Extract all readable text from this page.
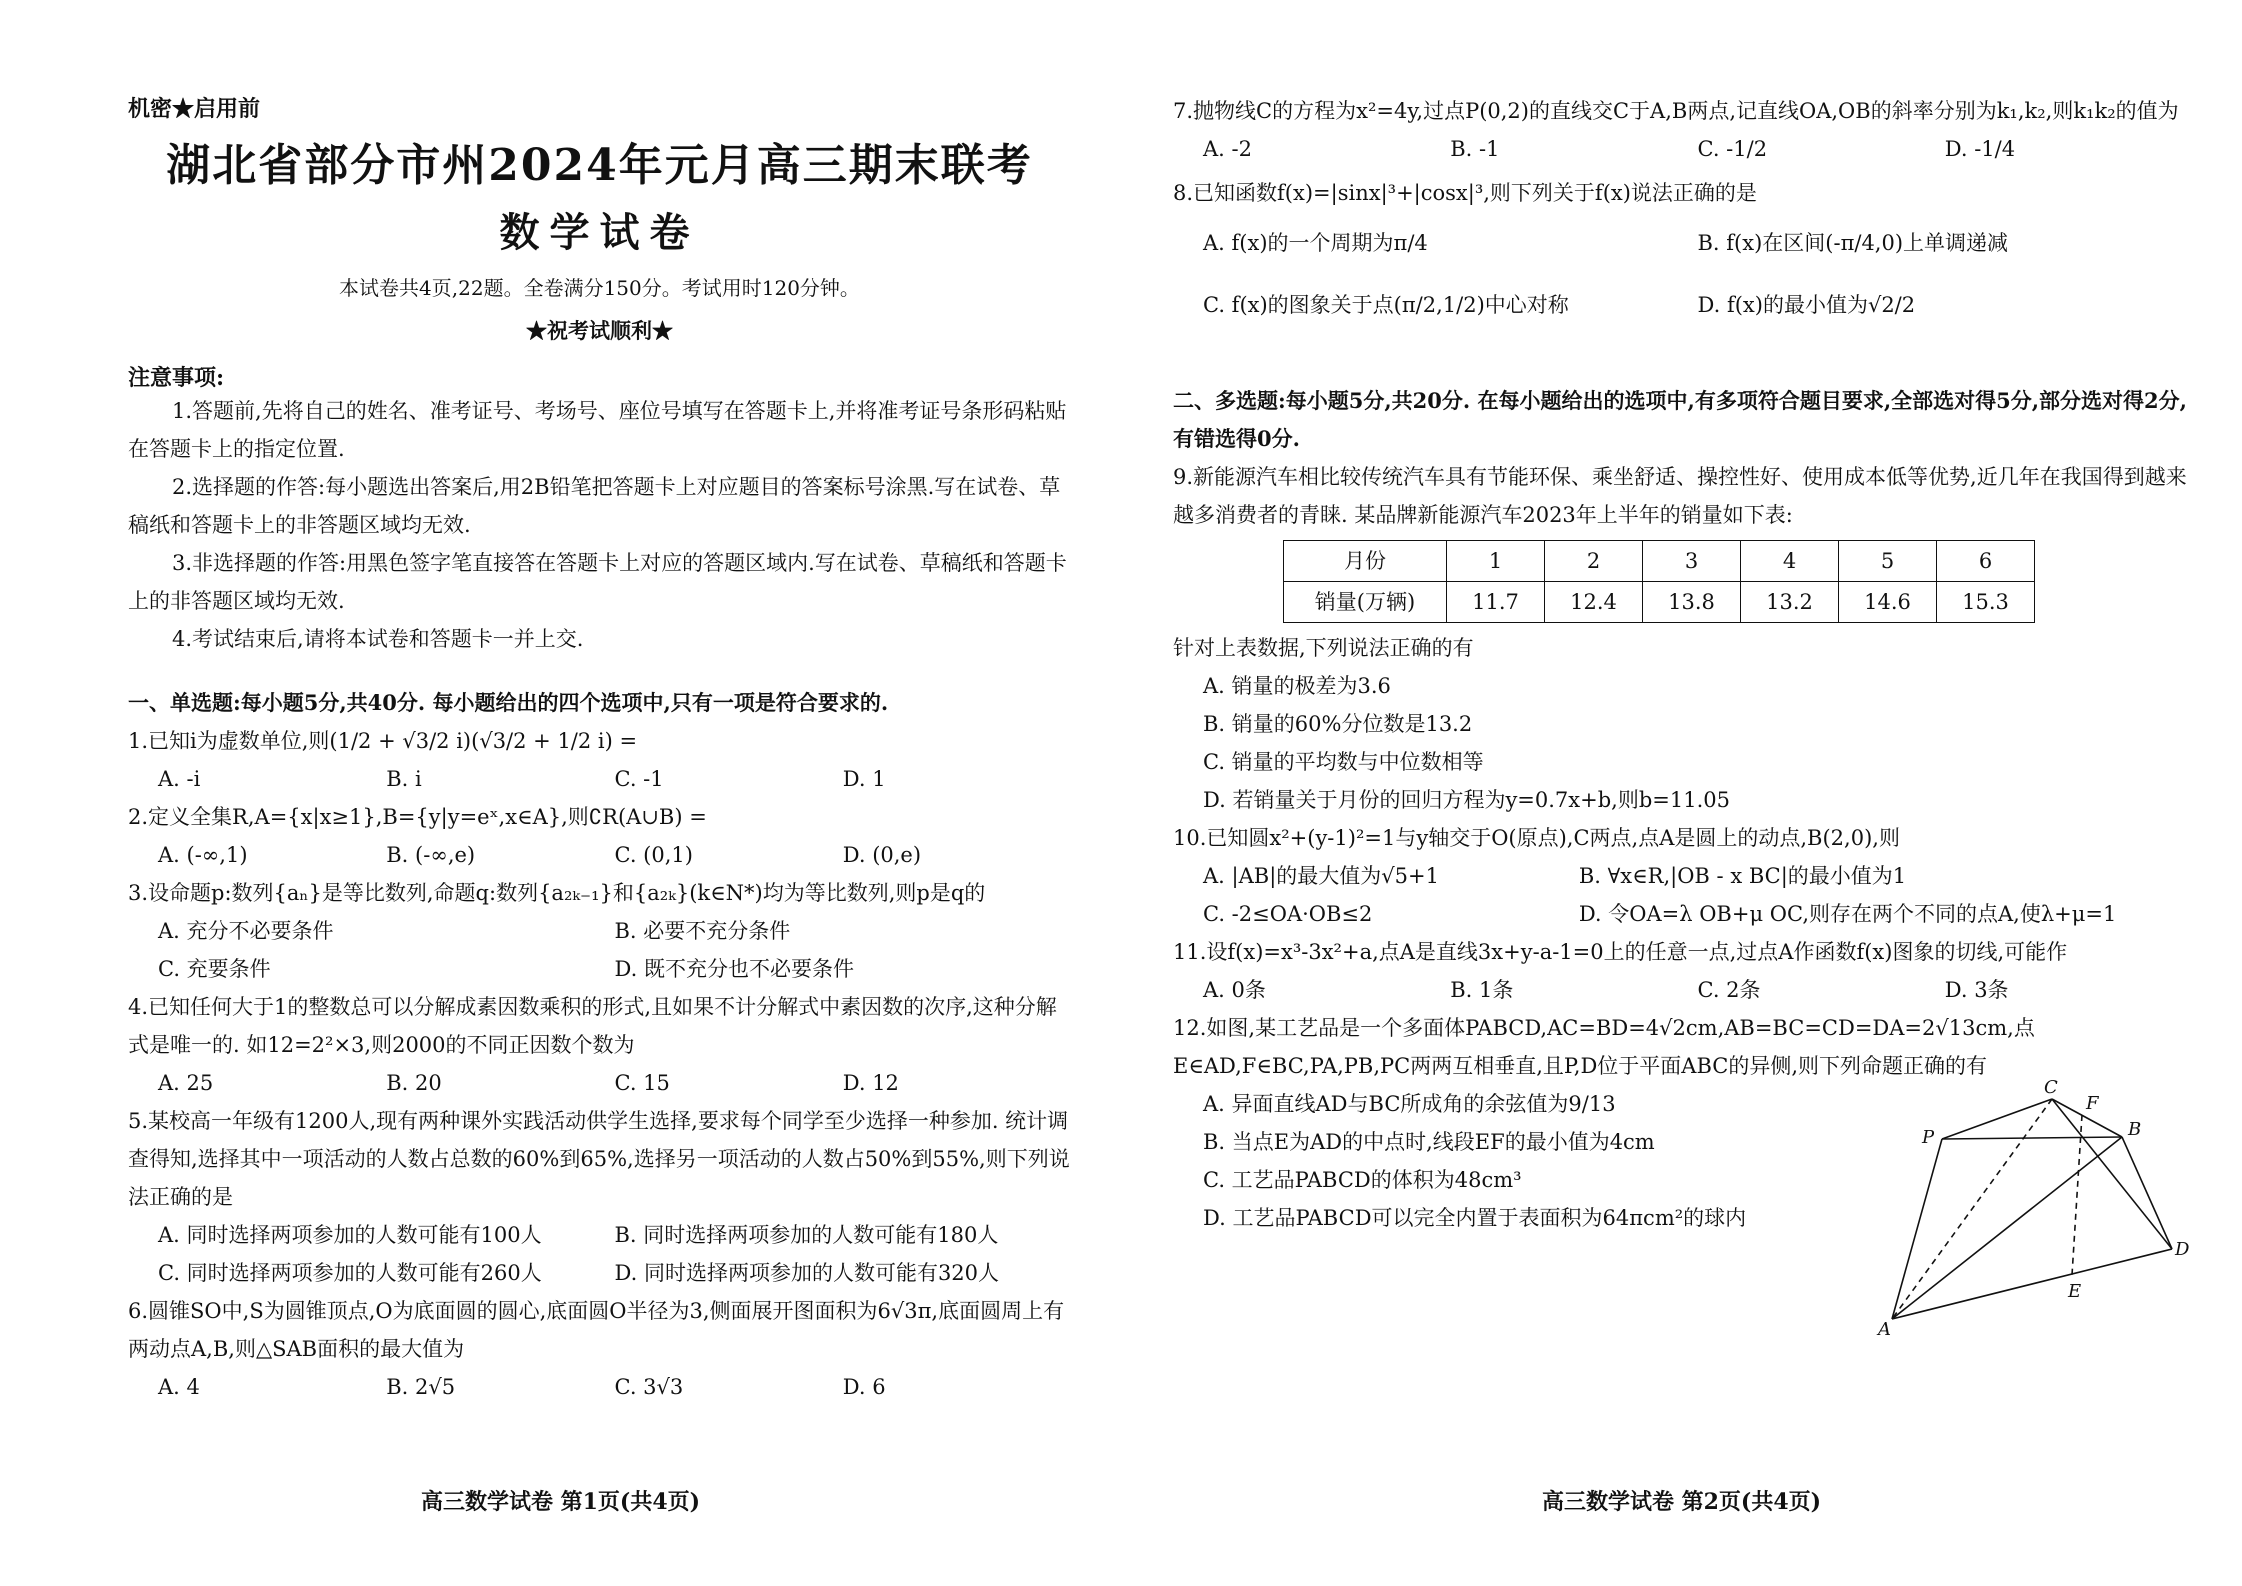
机密★启用前
湖北省部分市州2024年元月高三期末联考
数学试卷
本试卷共4页,22题。全卷满分150分。考试用时120分钟。
★祝考试顺利★
注意事项:
1.答题前,先将自己的姓名、准考证号、考场号、座位号填写在答题卡上,并将准考证号条形码粘贴在答题卡上的指定位置.
2.选择题的作答:每小题选出答案后,用2B铅笔把答题卡上对应题目的答案标号涂黑.写在试卷、草稿纸和答题卡上的非答题区域均无效.
3.非选择题的作答:用黑色签字笔直接答在答题卡上对应的答题区域内.写在试卷、草稿纸和答题卡上的非答题区域均无效.
4.考试结束后,请将本试卷和答题卡一并上交.
一、单选题:每小题5分,共40分. 每小题给出的四个选项中,只有一项是符合要求的.
1.已知i为虚数单位,则(1/2 + √3/2 i)(√3/2 + 1/2 i) =
A. -i	B. i	C. -1	D. 1
2.定义全集R,A={x|x≥1},B={y|y=eˣ,x∈A},则∁R(A∪B) =
A. (-∞,1)	B. (-∞,e)	C. (0,1)	D. (0,e)
3.设命题p:数列{aₙ}是等比数列,命题q:数列{a₂ₖ₋₁}和{a₂ₖ}(k∈N*)均为等比数列,则p是q的
A. 充分不必要条件	B. 必要不充分条件
C. 充要条件	D. 既不充分也不必要条件
4.已知任何大于1的整数总可以分解成素因数乘积的形式,且如果不计分解式中素因数的次序,这种分解式是唯一的. 如12=2²×3,则2000的不同正因数个数为
A. 25	B. 20	C. 15	D. 12
5.某校高一年级有1200人,现有两种课外实践活动供学生选择,要求每个同学至少选择一种参加. 统计调查得知,选择其中一项活动的人数占总数的60%到65%,选择另一项活动的人数占50%到55%,则下列说法正确的是
A. 同时选择两项参加的人数可能有100人	B. 同时选择两项参加的人数可能有180人
C. 同时选择两项参加的人数可能有260人	D. 同时选择两项参加的人数可能有320人
6.圆锥SO中,S为圆锥顶点,O为底面圆的圆心,底面圆O半径为3,侧面展开图面积为6√3π,底面圆周上有两动点A,B,则△SAB面积的最大值为
A. 4	B. 2√5	C. 3√3	D. 6
高三数学试卷 第1页(共4页)
7.抛物线C的方程为x²=4y,过点P(0,2)的直线交C于A,B两点,记直线OA,OB的斜率分别为k₁,k₂,则k₁k₂的值为
A. -2	B. -1	C. -1/2	D. -1/4
8.已知函数f(x)=|sinx|³+|cosx|³,则下列关于f(x)说法正确的是
A. f(x)的一个周期为π/4	B. f(x)在区间(-π/4,0)上单调递减
C. f(x)的图象关于点(π/2,1/2)中心对称	D. f(x)的最小值为√2/2
二、多选题:每小题5分,共20分. 在每小题给出的选项中,有多项符合题目要求,全部选对得5分,部分选对得2分,有错选得0分.
9.新能源汽车相比较传统汽车具有节能环保、乘坐舒适、操控性好、使用成本低等优势,近几年在我国得到越来越多消费者的青睐. 某品牌新能源汽车2023年上半年的销量如下表:
月份	1	2	3	4	5	6
销量(万辆)	11.7	12.4	13.8	13.2	14.6	15.3
针对上表数据,下列说法正确的有
A. 销量的极差为3.6
B. 销量的60%分位数是13.2
C. 销量的平均数与中位数相等
D. 若销量关于月份的回归方程为y=0.7x+b,则b=11.05
10.已知圆x²+(y-1)²=1与y轴交于O(原点),C两点,点A是圆上的动点,B(2,0),则
A. |AB|的最大值为√5+1	B. ∀x∈R,|OB - x BC|的最小值为1
C. -2≤OA·OB≤2	D. 令OA=λ OB+μ OC,则存在两个不同的点A,使λ+μ=1
11.设f(x)=x³-3x²+a,点A是直线3x+y-a-1=0上的任意一点,过点A作函数f(x)图象的切线,可能作
A. 0条	B. 1条	C. 2条	D. 3条
12.如图,某工艺品是一个多面体PABCD,AC=BD=4√2cm,AB=BC=CD=DA=2√13cm,点E∈AD,F∈BC,PA,PB,PC两两互相垂直,且P,D位于平面ABC的异侧,则下列命题正确的有
A. 异面直线AD与BC所成角的余弦值为9/13
B. 当点E为AD的中点时,线段EF的最小值为4cm
C. 工艺品PABCD的体积为48cm³
D. 工艺品PABCD可以完全内置于表面积为64πcm²的球内
C
F
P	B
D
E
A
高三数学试卷 第2页(共4页)
